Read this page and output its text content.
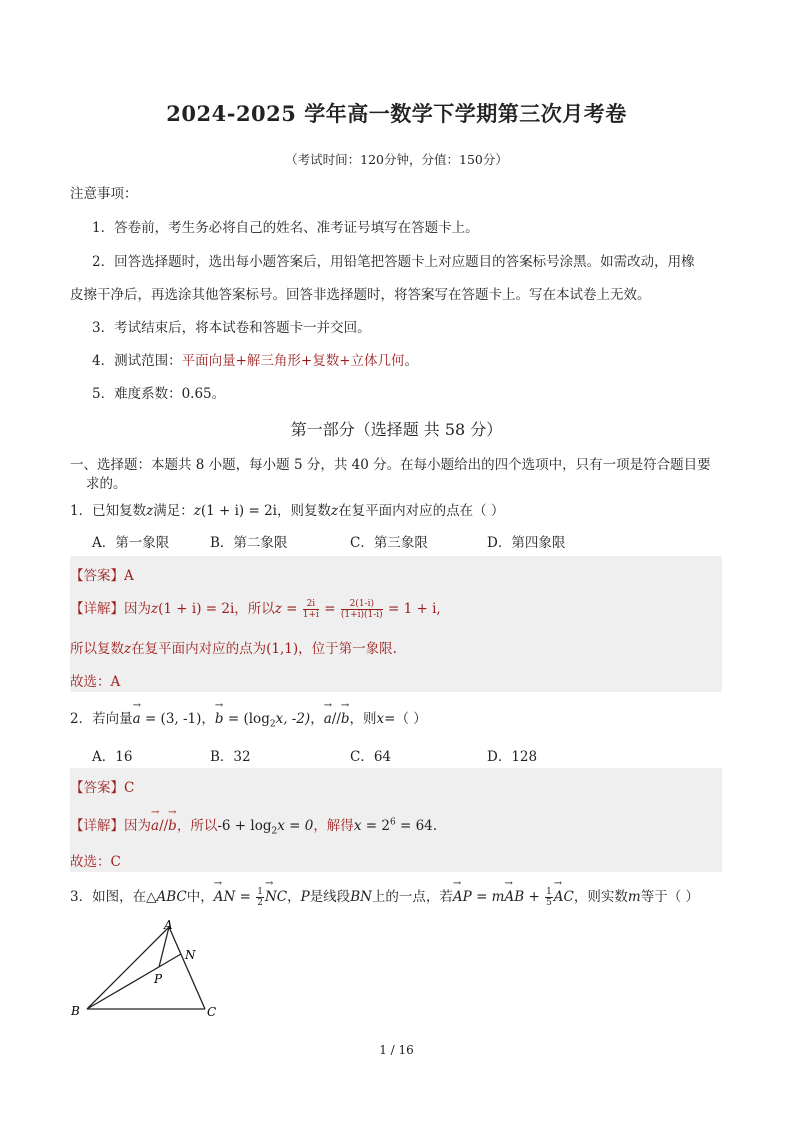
2024-2025 学年高一数学下学期第三次月考卷
（考试时间：120分钟，分值：150分）
注意事项：
1．答卷前，考生务必将自己的姓名、准考证号填写在答题卡上。
2．回答选择题时，选出每小题答案后，用铅笔把答题卡上对应题目的答案标号涂黑。如需改动，用橡
皮擦干净后，再选涂其他答案标号。回答非选择题时，将答案写在答题卡上。写在本试卷上无效。
3．考试结束后，将本试卷和答题卡一并交回。
4．测试范围：平面向量+解三角形+复数+立体几何。
5．难度系数：0.65。
第一部分（选择题 共 58 分）
一、选择题：本题共 8 小题，每小题 5 分，共 40 分。在每小题给出的四个选项中，只有一项是符合题目要
求的。
1．已知复数z满足：z(1 + i) = 2i，则复数z在复平面内对应的点在（ ）
A．第一象限	B．第二象限	C．第三象限	D．第四象限
【答案】A
【详解】因为z(1 + i) = 2i，所以$z = \frac{2i}{1+i} = \frac{2(1-i)}{(1+i)(1-i)} = 1 + i$,
所以复数z在复平面内对应的点为(1,1)，位于第一象限.
故选：A
2．若向量→ a = (3, -1)，→ $b = (\log_2x$, -2)，→ a//→ b，则x=（ ）
A．16	B．32	C．64	D．128
【答案】C
【详解】因为→ a//→ b，所以$-6 + \log_2x = 0$，解得$x = 2^6 = 64$.
故选：C
3．如图，在△ABC中，→ AN = $\frac{1}{2}$ → NC，P是线段BN上的一点，若→ AP = m→ AB + $\frac{1}{5}$ → AC，则实数m等于（ ）
A
B	C
N
P
1 / 16
